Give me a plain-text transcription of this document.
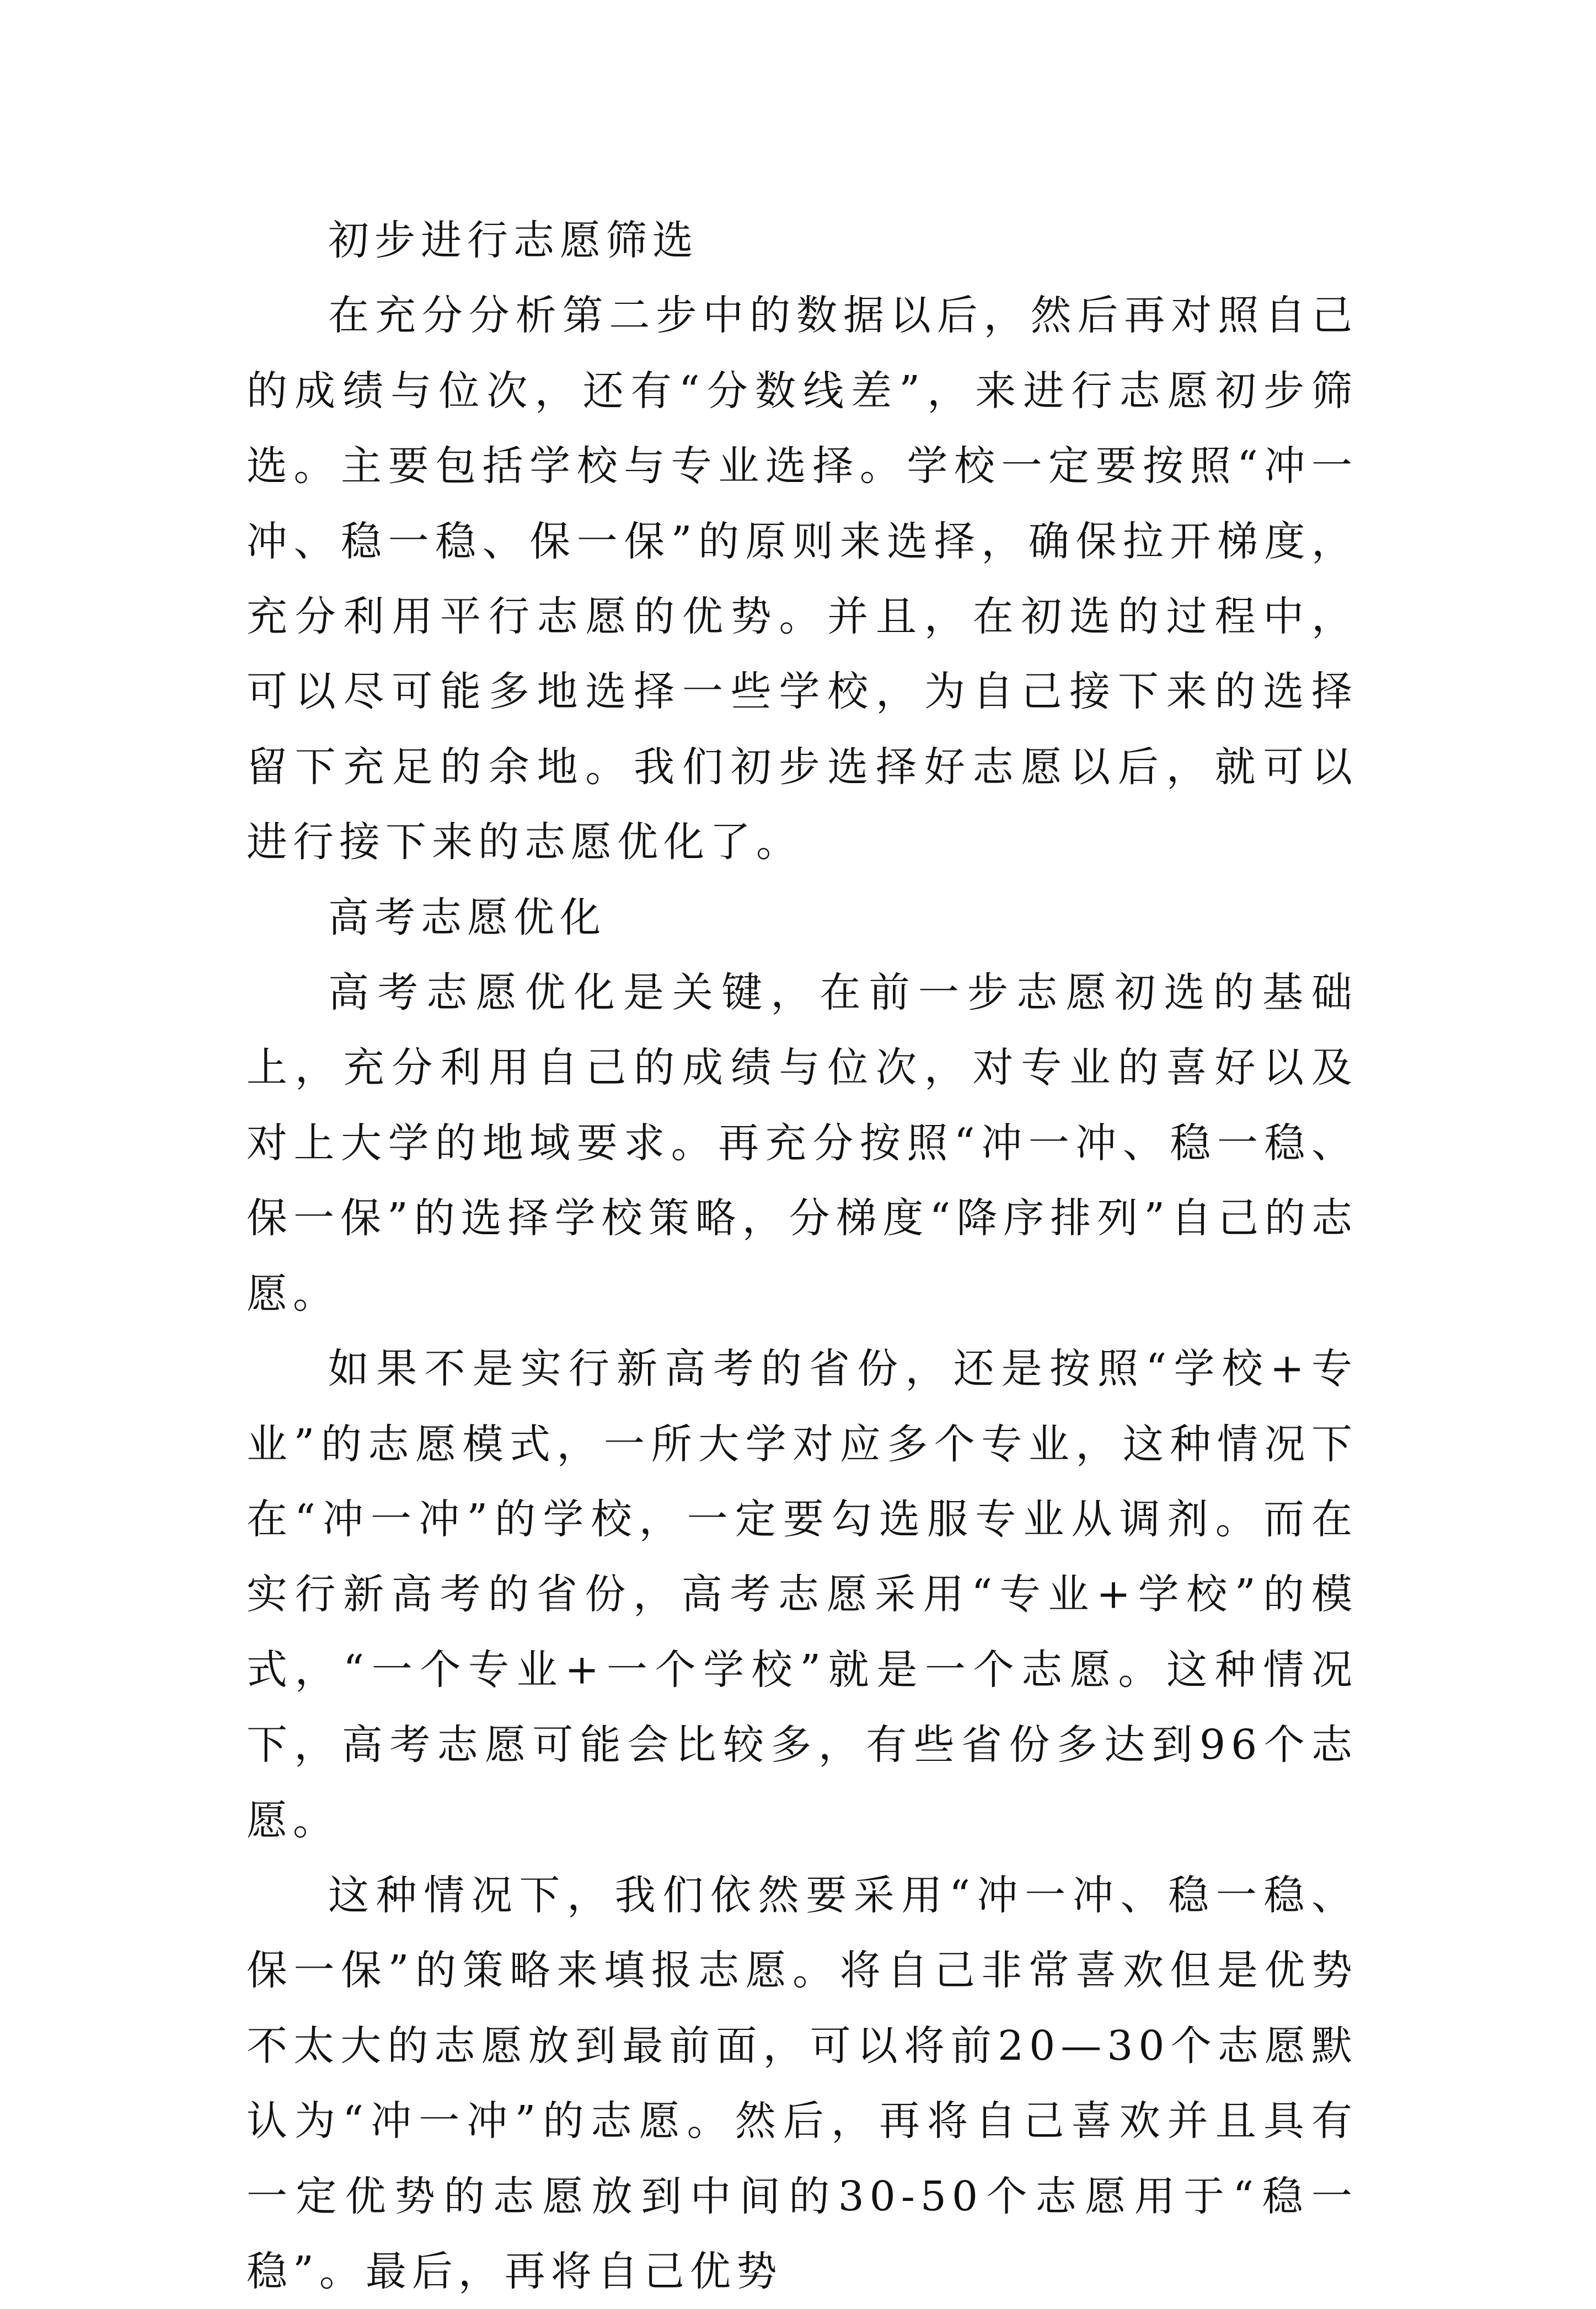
初步进行志愿筛选

在充分分析第二步中的数据以后，然后再对照自己的成绩与位次，还有“分数线差”，来进行志愿初步筛选。主要包括学校与专业选择。学校一定要按照“冲一冲、稳一稳、保一保”的原则来选择，确保拉开梯度，充分利用平行志愿的优势。并且，在初选的过程中，可以尽可能多地选择一些学校，为自己接下来的选择留下充足的余地。我们初步选择好志愿以后，就可以进行接下来的志愿优化了。

高考志愿优化

高考志愿优化是关键，在前一步志愿初选的基础上，充分利用自己的成绩与位次，对专业的喜好以及对上大学的地域要求。再充分按照“冲一冲、稳一稳、保一保”的选择学校策略，分梯度“降序排列”自己的志愿。

如果不是实行新高考的省份，还是按照“学校+专业”的志愿模式，一所大学对应多个专业，这种情况下在“冲一冲”的学校，一定要勾选服专业从调剂。而在实行新高考的省份，高考志愿采用“专业+学校”的模式，“一个专业+一个学校”就是一个志愿。这种情况下，高考志愿可能会比较多，有些省份多达到96个志愿。

这种情况下，我们依然要采用“冲一冲、稳一稳、保一保”的策略来填报志愿。将自己非常喜欢但是优势不太大的志愿放到最前面，可以将前20—30个志愿默认为“冲一冲”的志愿。然后，再将自己喜欢并且具有一定优势的志愿放到中间的30-50个志愿用于“稳一稳”。最后，再将自己优势
